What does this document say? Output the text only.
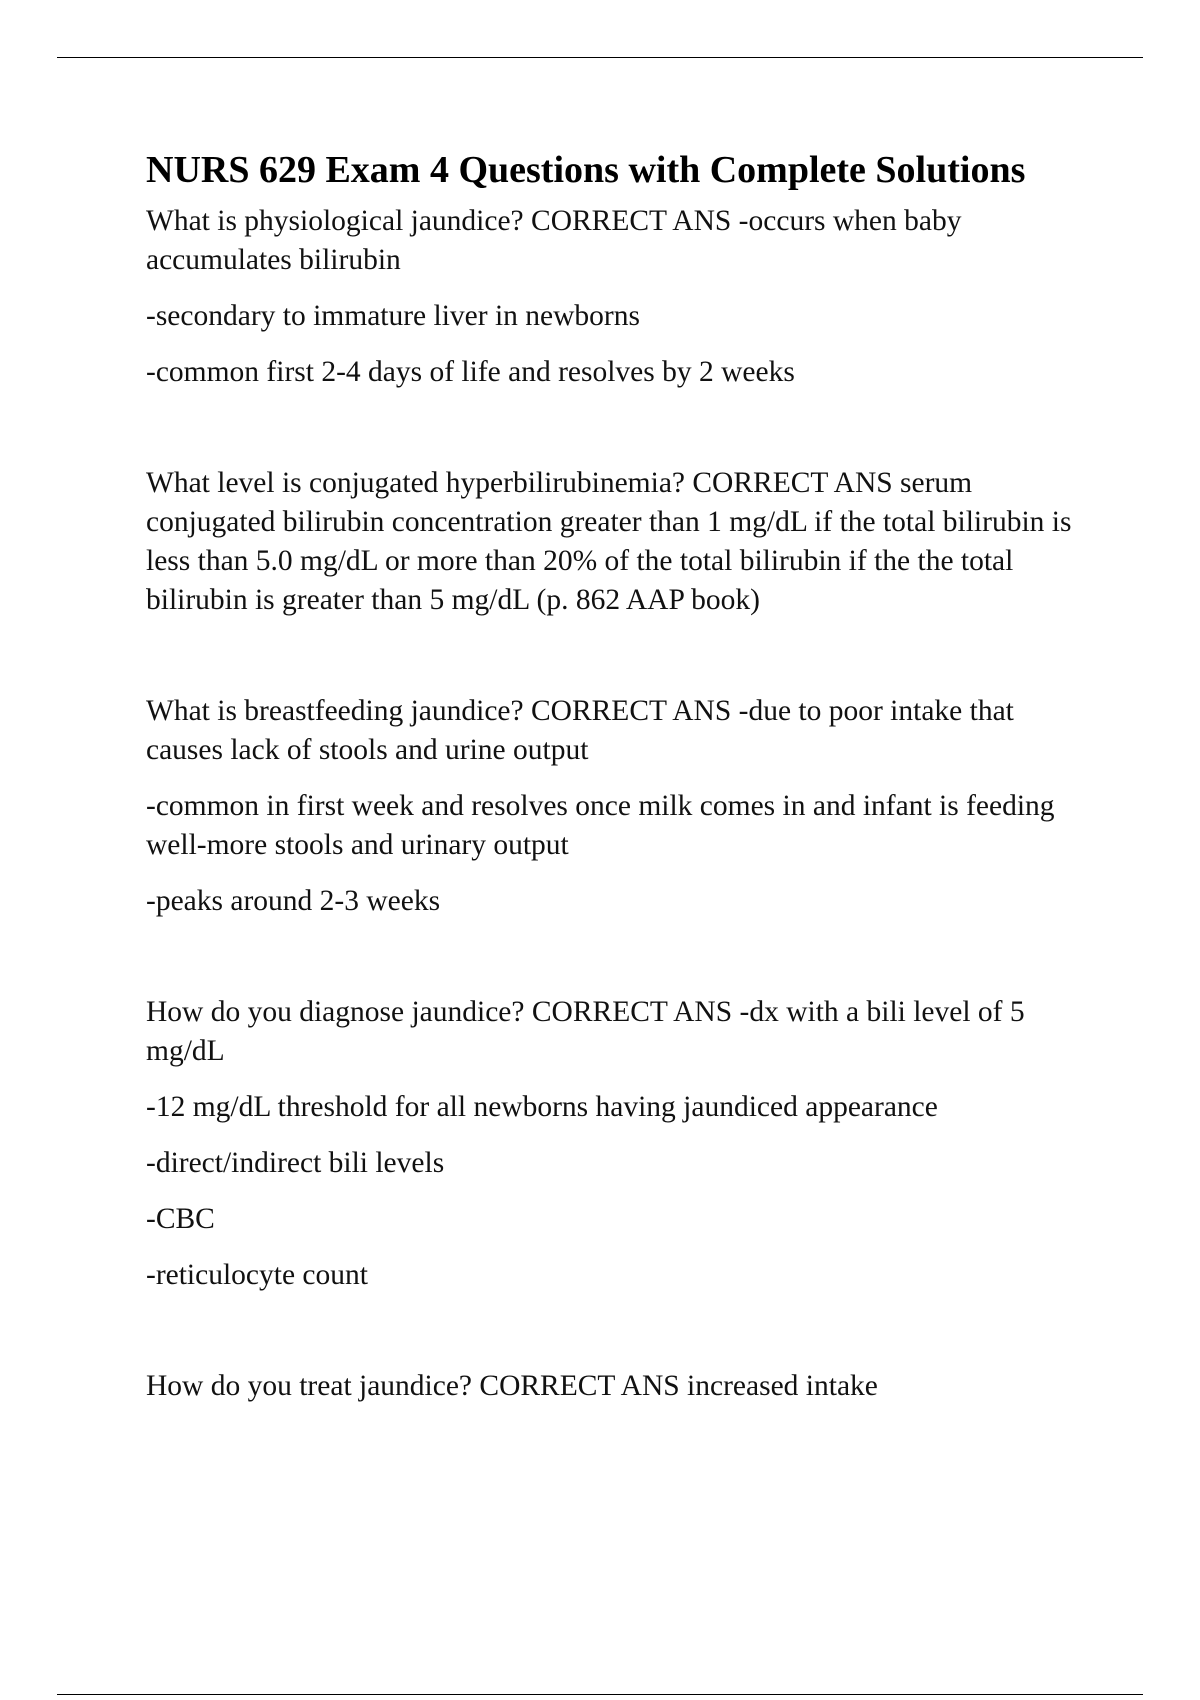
NURS 629 Exam 4 Questions with Complete Solutions

What is physiological jaundice? CORRECT ANS -occurs when baby accumulates bilirubin

-secondary to immature liver in newborns

-common first 2-4 days of life and resolves by 2 weeks

What level is conjugated hyperbilirubinemia? CORRECT ANS serum conjugated bilirubin concentration greater than 1 mg/dL if the total bilirubin is less than 5.0 mg/dL or more than 20% of the total bilirubin if the the total bilirubin is greater than 5 mg/dL (p. 862 AAP book)

What is breastfeeding jaundice? CORRECT ANS -due to poor intake that causes lack of stools and urine output

-common in first week and resolves once milk comes in and infant is feeding well-more stools and urinary output

-peaks around 2-3 weeks

How do you diagnose jaundice? CORRECT ANS -dx with a bili level of 5 mg/dL

-12 mg/dL threshold for all newborns having jaundiced appearance

-direct/indirect bili levels

-CBC

-reticulocyte count

How do you treat jaundice? CORRECT ANS increased intake
